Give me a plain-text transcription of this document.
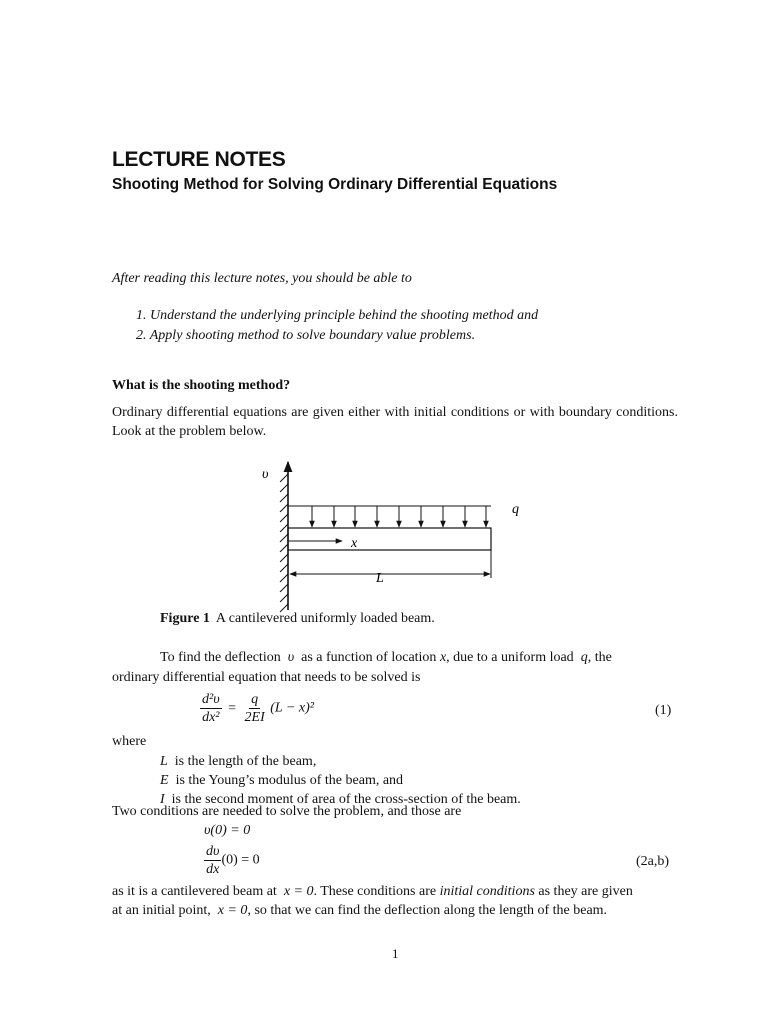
LECTURE NOTES
Shooting Method for Solving Ordinary Differential Equations
After reading this lecture notes, you should be able to
1. Understand the underlying principle behind the shooting method and
2. Apply shooting method to solve boundary value problems.
What is the shooting method?
Ordinary differential equations are given either with initial conditions or with boundary conditions. Look at the problem below.
υ
q
x
L
Figure 1 A cantilevered uniformly loaded beam.
To find the deflection υ as a function of location x, due to a uniform load q, the
ordinary differential equation that needs to be solved is
$\frac{\text{d²υ}}{\text{dx²}} = \frac{q}{2EI} (L - x)^2$	(1)
where
L is the length of the beam,
E is the Young’s modulus of the beam, and
I is the second moment of area of the cross-section of the beam.
Two conditions are needed to solve the problem, and those are
υ(0) = 0
$\frac{d\upsilon}{dx} (0) = 0$	(2a,b)
as it is a cantilevered beam at x = 0. These conditions are initial conditions as they are given
at an initial point, x = 0, so that we can find the deflection along the length of the beam.
1
